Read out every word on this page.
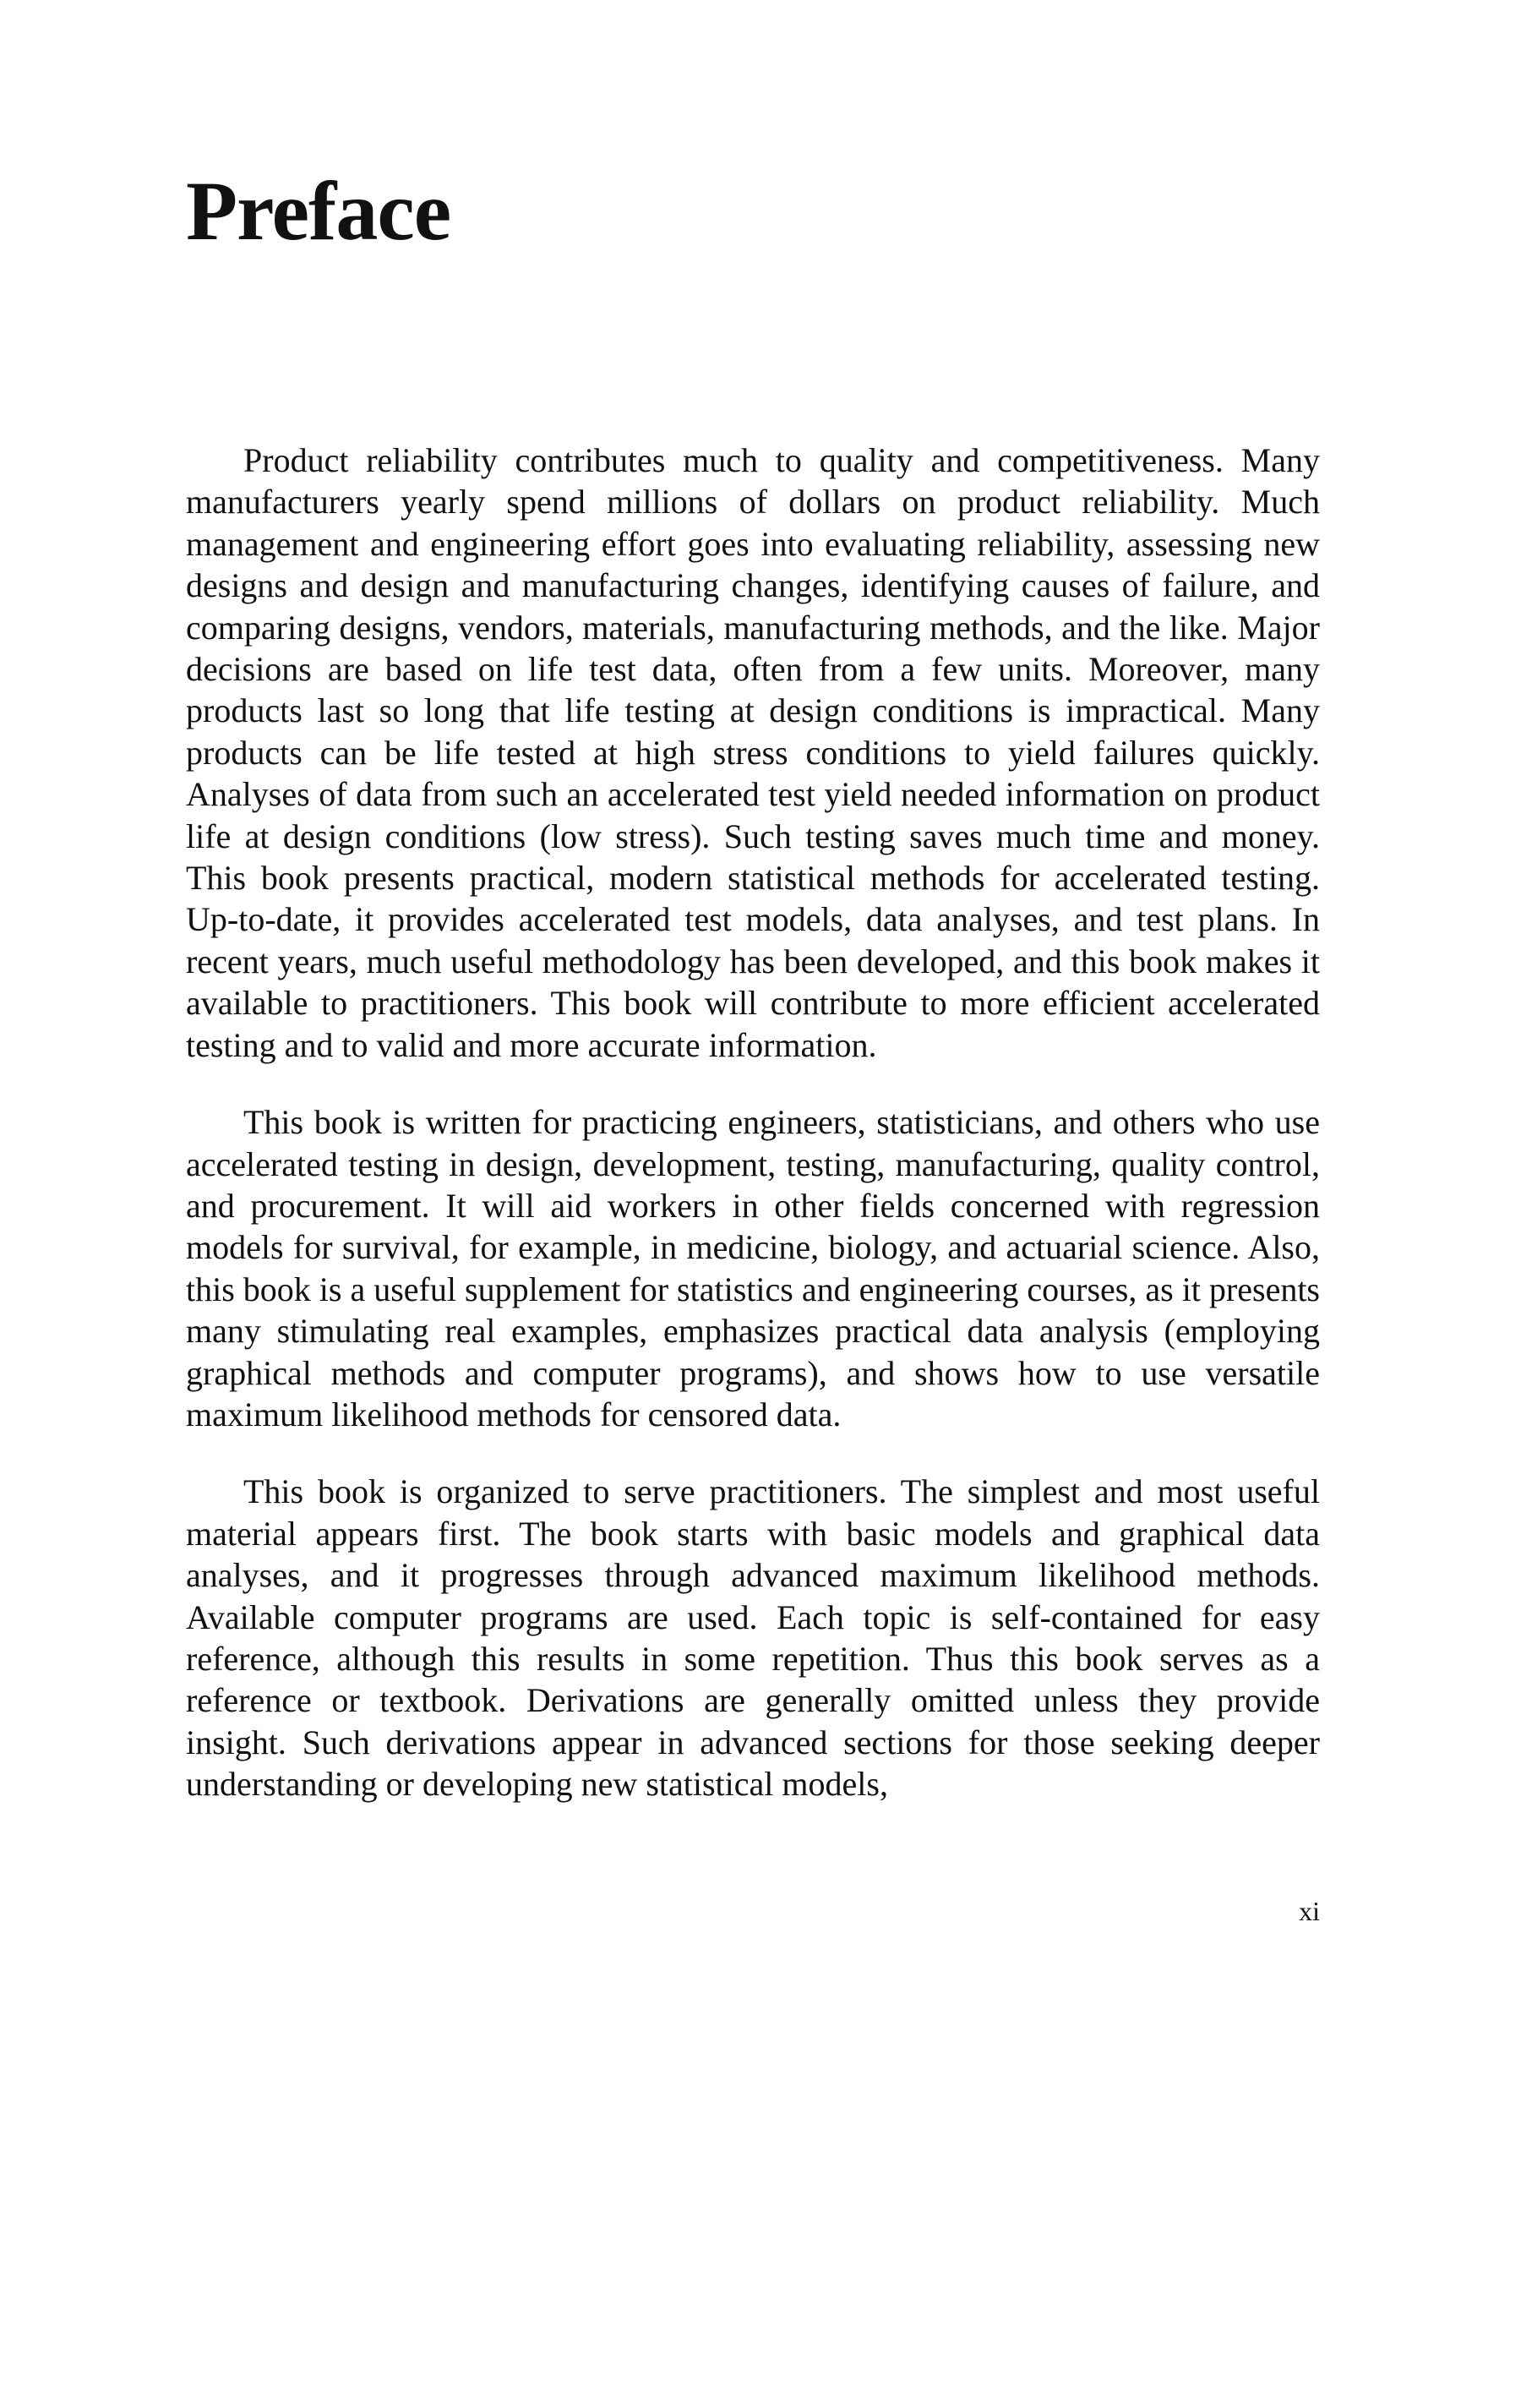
Preface

Product reliability contributes much to quality and competitiveness. Many manufacturers yearly spend millions of dollars on product reliability. Much management and engineering effort goes into evaluating reliability, assessing new designs and design and manufacturing changes, identifying causes of failure, and comparing designs, vendors, materials, manufacturing methods, and the like. Major decisions are based on life test data, often from a few units. Moreover, many products last so long that life testing at design conditions is impractical. Many products can be life tested at high stress conditions to yield failures quickly. Analyses of data from such an accelerated test yield needed information on product life at design conditions (low stress). Such testing saves much time and money. This book presents practical, modern statistical methods for accelerated testing. Up-to-date, it provides accelerated test models, data analyses, and test plans. In recent years, much useful methodology has been developed, and this book makes it available to practitioners. This book will contribute to more efficient accelerated testing and to valid and more accurate information.

This book is written for practicing engineers, statisticians, and others who use accelerated testing in design, development, testing, manufacturing, quality control, and procurement. It will aid workers in other fields concerned with regression models for survival, for example, in medicine, biology, and actuarial science. Also, this book is a useful supplement for statistics and engineering courses, as it presents many stimulating real examples, emphasizes practical data analysis (employing graphical methods and computer programs), and shows how to use versatile maximum likelihood methods for censored data.

This book is organized to serve practitioners. The simplest and most useful material appears first. The book starts with basic models and graphical data analyses, and it progresses through advanced maximum likelihood methods. Available computer programs are used. Each topic is self-contained for easy reference, although this results in some repetition. Thus this book serves as a reference or textbook. Derivations are generally omitted unless they provide insight. Such derivations appear in advanced sections for those seeking deeper understanding or developing new statistical models,

xi
